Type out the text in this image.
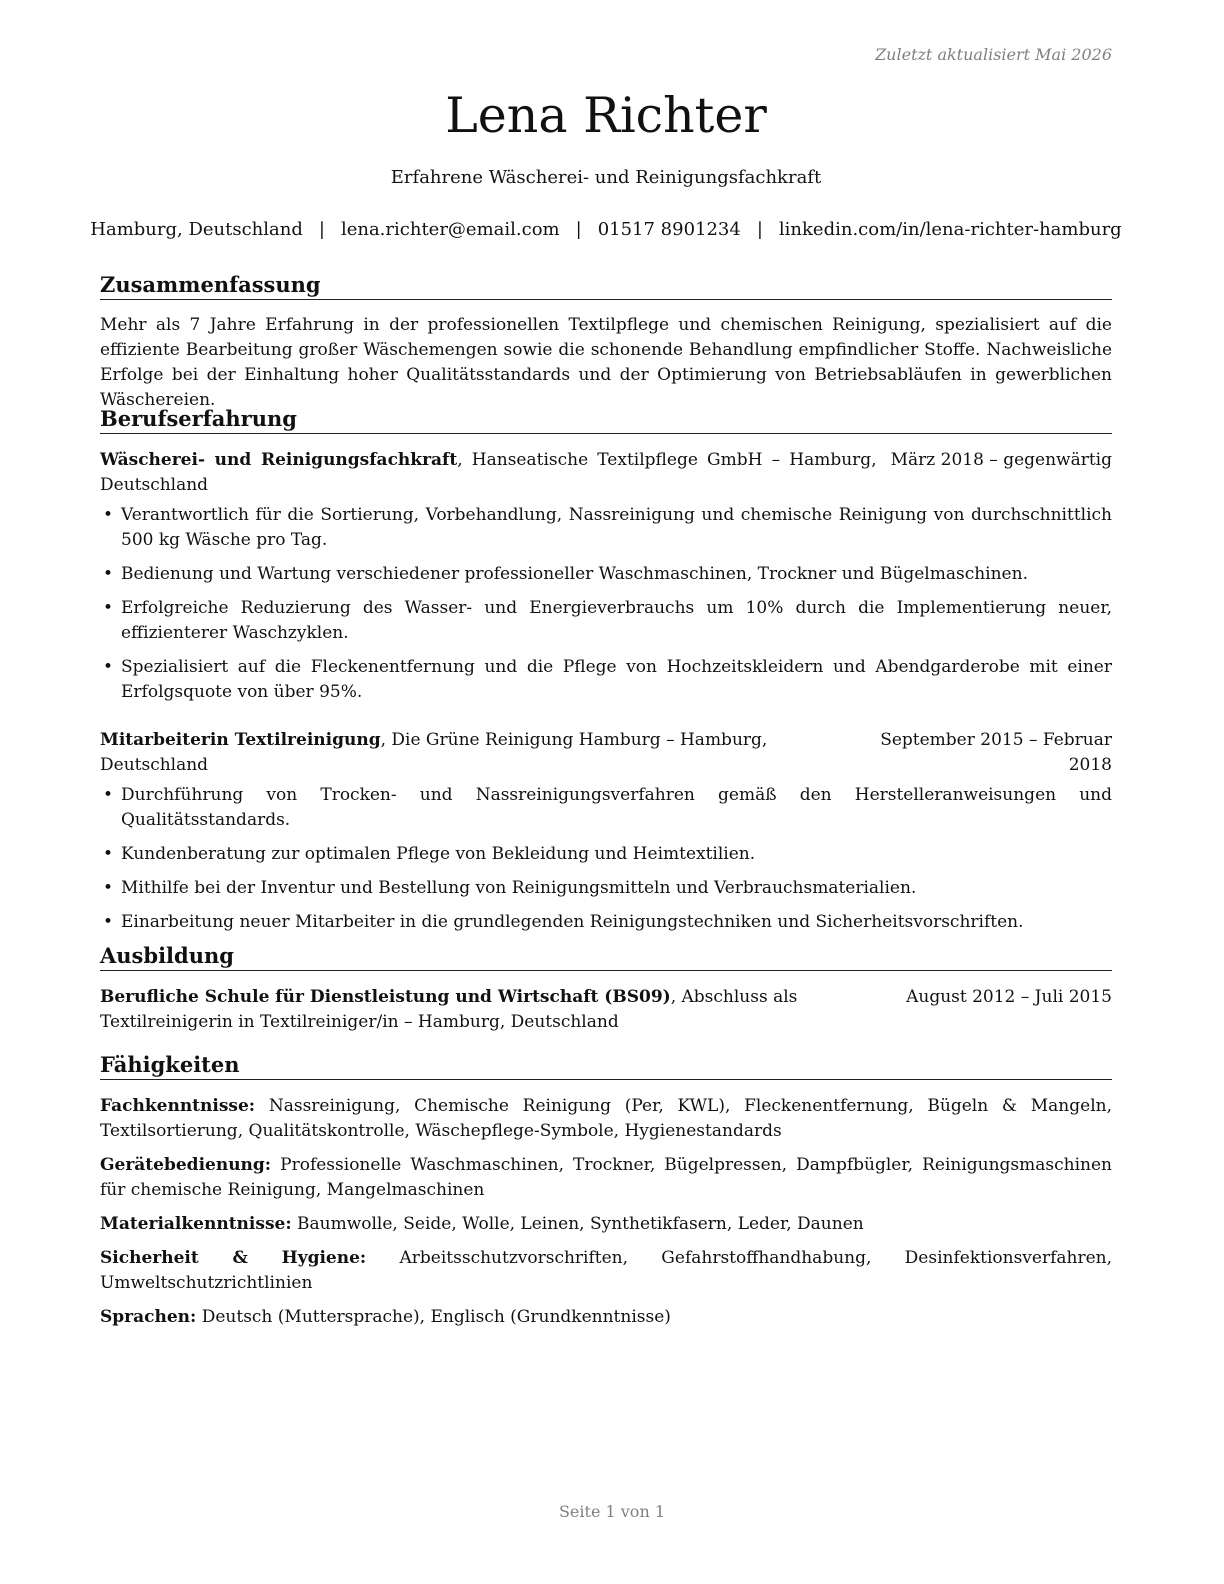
Zuletzt aktualisiert Mai 2026
Lena Richter
Erfahrene Wäscherei- und Reinigungsfachkraft
Hamburg, Deutschland | lena.richter@email.com | 01517 8901234 | linkedin.com/in/lena-richter-hamburg
Zusammenfassung

Mehr als 7 Jahre Erfahrung in der professionellen Textilpflege und chemischen Reinigung, spezialisiert auf die effiziente Bearbeitung großer Wäschemengen sowie die schonende Behandlung empfindlicher Stoffe. Nachweisliche Erfolge bei der Einhaltung hoher Qualitätsstandards und der Optimierung von Betriebsabläufen in gewerblichen Wäschereien.

Berufserfahrung
Wäscherei- und Reinigungsfachkraft, Hanseatische Textilpflege GmbH – Hamburg, Deutschland
März 2018 – gegenwärtig
• Verantwortlich für die Sortierung, Vorbehandlung, Nassreinigung und chemische Reinigung von durchschnittlich 500 kg Wäsche pro Tag.
• Bedienung und Wartung verschiedener professioneller Waschmaschinen, Trockner und Bügelmaschinen.
• Erfolgreiche Reduzierung des Wasser- und Energieverbrauchs um 10% durch die Implementierung neuer, effizienterer Waschzyklen.
• Spezialisiert auf die Fleckenentfernung und die Pflege von Hochzeitskleidern und Abendgarderobe mit einer Erfolgsquote von über 95%.
Mitarbeiterin Textilreinigung, Die Grüne Reinigung Hamburg – Hamburg, Deutschland
September 2015 – Februar 2018
• Durchführung von Trocken- und Nassreinigungsverfahren gemäß den Herstelleranweisungen und Qualitätsstandards.
• Kundenberatung zur optimalen Pflege von Bekleidung und Heimtextilien.
• Mithilfe bei der Inventur und Bestellung von Reinigungsmitteln und Verbrauchsmaterialien.
• Einarbeitung neuer Mitarbeiter in die grundlegenden Reinigungstechniken und Sicherheitsvorschriften.
Ausbildung
Berufliche Schule für Dienstleistung und Wirtschaft (BS09), Abschluss als Textilreinigerin in Textilreiniger/in – Hamburg, Deutschland
August 2012 – Juli 2015
Fähigkeiten

Fachkenntnisse: Nassreinigung, Chemische Reinigung (Per, KWL), Fleckenentfernung, Bügeln & Mangeln, Textilsortierung, Qualitätskontrolle, Wäschepflege-Symbole, Hygienestandards

Gerätebedienung: Professionelle Waschmaschinen, Trockner, Bügelpressen, Dampfbügler, Reinigungsmaschinen für chemische Reinigung, Mangelmaschinen

Materialkenntnisse: Baumwolle, Seide, Wolle, Leinen, Synthetikfasern, Leder, Daunen

Sicherheit & Hygiene: Arbeitsschutzvorschriften, Gefahrstoffhandhabung, Desinfektionsverfahren, Umweltschutzrichtlinien

Sprachen: Deutsch (Muttersprache), Englisch (Grundkenntnisse)

Seite 1 von 1
